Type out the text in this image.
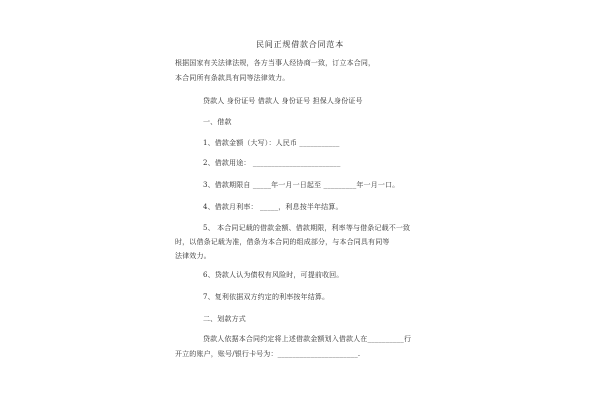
民间正规借款合同范本
根据国家有关法律法规，各方当事人经协商一致，订立本合同，
本合同所有条款具有同等法律效力。
贷款人 身份证号 借款人 身份证号 担保人身份证号
一、借款
1、借款金额（大写）：人民币 ___________
2、借款用途： ________________________
3、借款期限自 _____年一月一日起至 _________年一月一口。
4、借款月利率： _____，利息按半年结算。
5、 本合同记载的借款金额、借款期限，利率等与借条记载不一致
时，以借条记载为准，借条为本合同的组成部分，与本合同具有同等
法律效力。
6、贷款人认为债权有风险时，可提前收回。
7、复利依据双方约定的利率按年结算。
二、划款方式
贷款人依据本合同约定将上述借款金额划入借款人在__________行
开立的账户，账号/银行卡号为：______________________.
